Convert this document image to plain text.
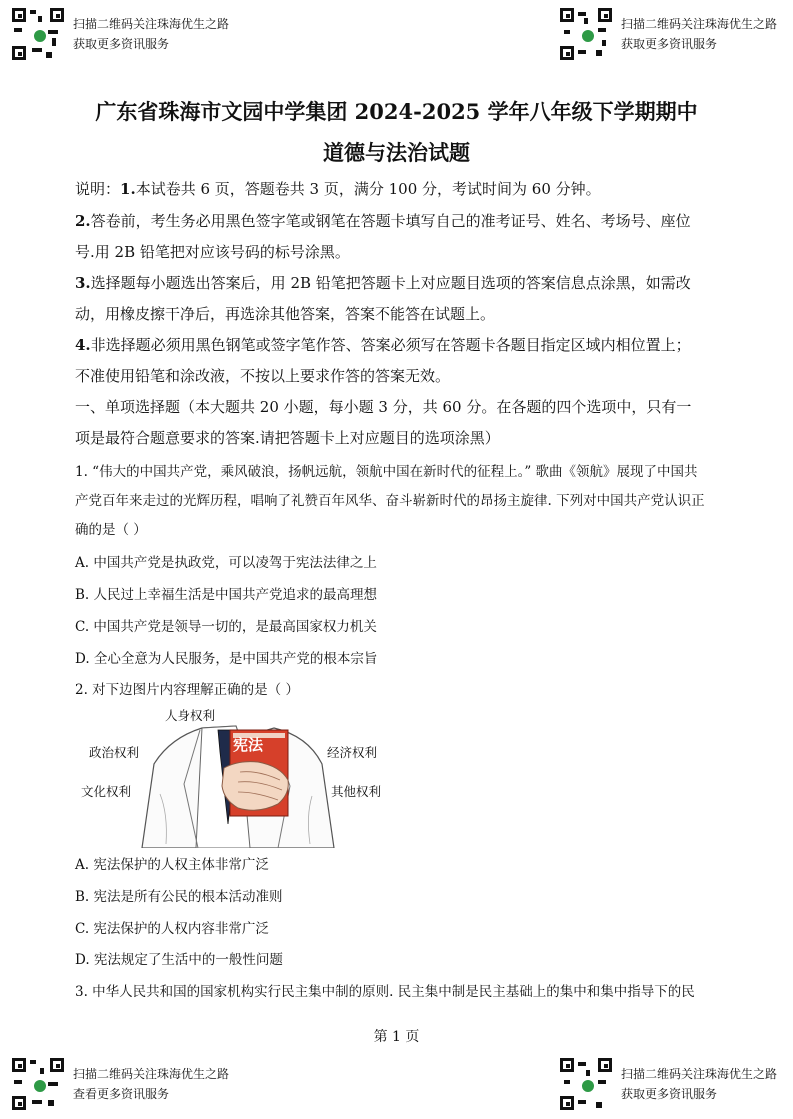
扫描二维码关注珠海优生之路
获取更多资讯服务
扫描二维码关注珠海优生之路
获取更多资讯服务
广东省珠海市文园中学集团 2024-2025 学年八年级下学期期中
道德与法治试题
说明：1.本试卷共 6 页，答题卷共 3 页，满分 100 分，考试时间为 60 分钟。
2.答卷前，考生务必用黑色签字笔或钢笔在答题卡填写自己的准考证号、姓名、考场号、座位
号.用 2B 铅笔把对应该号码的标号涂黑。
3.选择题每小题选出答案后，用 2B 铅笔把答题卡上对应题目选项的答案信息点涂黑，如需改
动，用橡皮擦干净后，再选涂其他答案，答案不能答在试题上。
4.非选择题必须用黑色钢笔或签字笔作答、答案必须写在答题卡各题目指定区域内相位置上；
不准使用铅笔和涂改液，不按以上要求作答的答案无效。
一、单项选择题（本大题共 20 小题，每小题 3 分，共 60 分。在各题的四个选项中，只有一
项是最符合题意要求的答案.请把答题卡上对应题目的选项涂黑）
1. “伟大的中国共产党，乘风破浪，扬帆远航，领航中国在新时代的征程上。” 歌曲《领航》展现了中国共
产党百年来走过的光辉历程，唱响了礼赞百年风华、奋斗崭新时代的昂扬主旋律. 下列对中国共产党认识正
确的是（ ）
A. 中国共产党是执政党，可以凌驾于宪法法律之上
B. 人民过上幸福生活是中国共产党追求的最高理想
C. 中国共产党是领导一切的，是最高国家权力机关
D. 全心全意为人民服务，是中国共产党的根本宗旨
2. 对下边图片内容理解正确的是（ ）
宪法
人身权利
政治权利
文化权利
经济权利
其他权利
A. 宪法保护的人权主体非常广泛
B. 宪法是所有公民的根本活动准则
C. 宪法保护的人权内容非常广泛
D. 宪法规定了生活中的一般性问题
3. 中华人民共和国的国家机构实行民主集中制的原则. 民主集中制是民主基础上的集中和集中指导下的民
第 1 页
扫描二维码关注珠海优生之路
查看更多资讯服务
扫描二维码关注珠海优生之路
获取更多资讯服务
